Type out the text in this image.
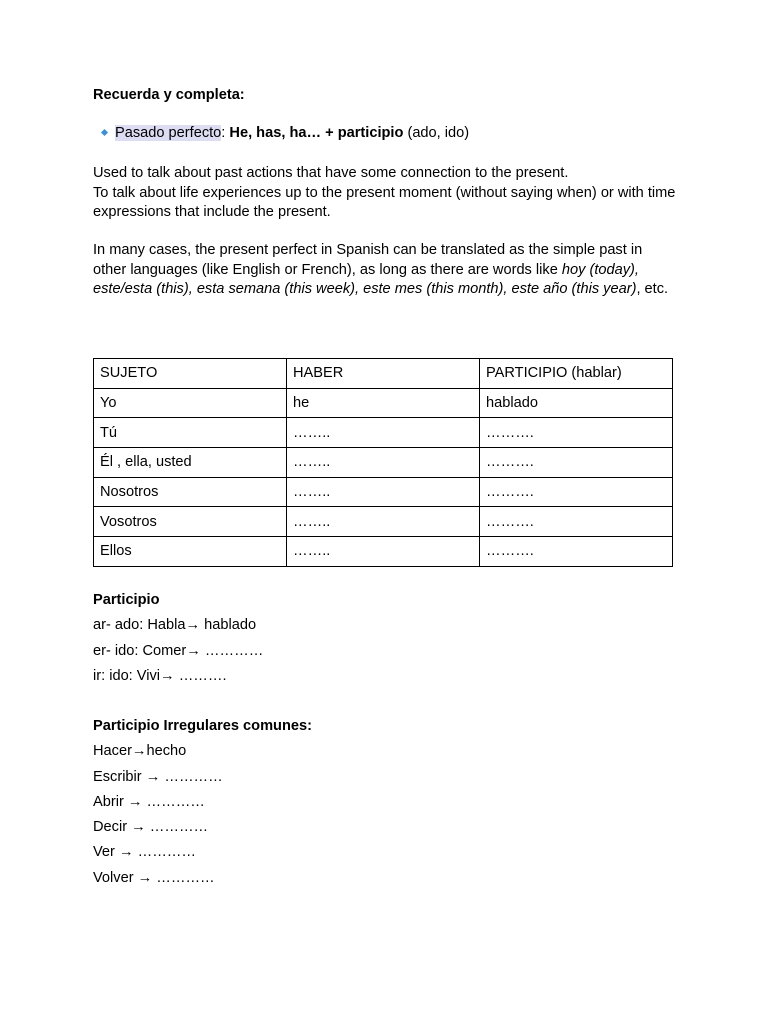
Recuerda y completa:
Pasado perfecto: He, has, ha… + participio (ado, ido)
Used to talk about past actions that have some connection to the present.
To talk about life experiences up to the present moment (without saying when) or with time expressions that include the present.
In many cases, the present perfect in Spanish can be translated as the simple past in other languages (like English or French), as long as there are words like hoy (today), este/esta (this), esta semana (this week), este mes (this month), este año (this year), etc.
SUJETO	HABER	PARTICIPIO (hablar)
Yo	he	hablado
Tú	……..	……….
Él , ella, usted	……..	……….
Nosotros	……..	……….
Vosotros	……..	……….
Ellos	……..	……….
Participio
ar- ado: Habla→ hablado
er- ido: Comer→ …………
ir: ido: Vivi→ ……….
Participio Irregulares comunes:
Hacer→hecho
Escribir → …………
Abrir → …………
Decir → …………
Ver → …………
Volver → …………
